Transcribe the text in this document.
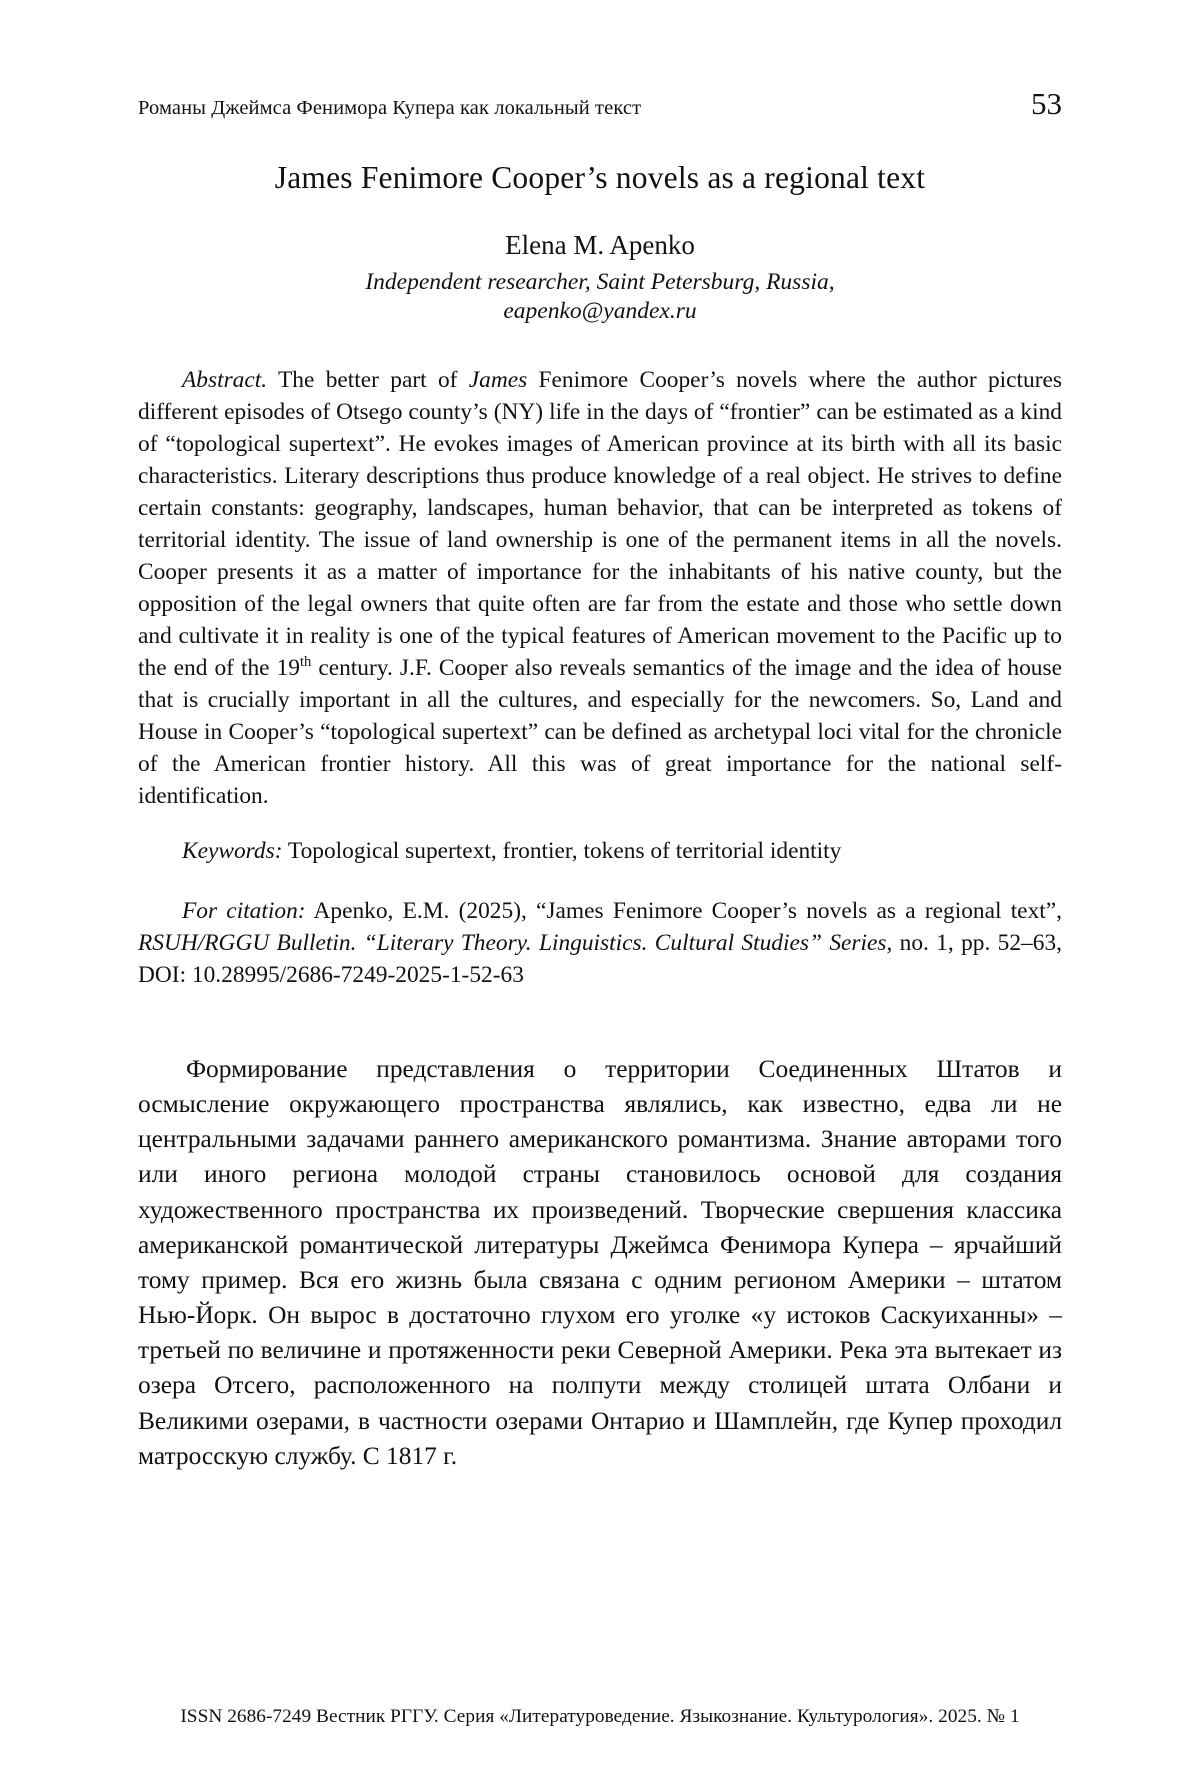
Романы Джеймса Фенимора Купера как локальный текст	53
James Fenimore Cooper’s novels as a regional text
Elena M. Apenko
Independent researcher, Saint Petersburg, Russia,
eapenko@yandex.ru

Abstract. The better part of James Fenimore Cooper’s novels where the author pictures different episodes of Otsego county’s (NY) life in the days of “frontier” can be estimated as a kind of “topological supertext”. He evokes images of American province at its birth with all its basic characteristics. Literary descriptions thus produce knowledge of a real object. He strives to define certain constants: geography, landscapes, human behavior, that can be interpreted as tokens of territorial identity. The issue of land ownership is one of the permanent items in all the novels. Cooper presents it as a matter of importance for the inhabitants of his native county, but the opposition of the legal owners that quite often are far from the estate and those who settle down and cultivate it in reality is one of the typical features of American movement to the Pacific up to the end of the 19th century. J.F. Cooper also reveals semantics of the image and the idea of house that is crucially important in all the cultures, and especially for the newcomers. So, Land and House in Cooper’s “topological supertext” can be defined as archetypal loci vital for the chronicle of the American frontier history. All this was of great importance for the national self-identification.

Keywords: Topological supertext, frontier, tokens of territorial identity

For citation: Apenko, E.M. (2025), “James Fenimore Cooper’s novels as a regional text”, RSUH/RGGU Bulletin. “Literary Theory. Linguistics. Cultural Studies” Series, no. 1, pp. 52–63, DOI: 10.28995/2686-7249-2025-1-52-63

Формирование представления о территории Соединенных Штатов и осмысление окружающего пространства являлись, как известно, едва ли не центральными задачами раннего американского романтизма. Знание авторами того или иного региона молодой страны становилось основой для создания художественного пространства их произведений. Творческие свершения классика американской романтической литературы Джеймса Фенимора Купера – ярчайший тому пример. Вся его жизнь была связана с одним регионом Америки – штатом Нью-Йорк. Он вырос в достаточно глухом его уголке «у истоков Саскуиханны» – третьей по величине и протяженности реки Северной Америки. Река эта вытекает из озера Отсего, расположенного на полпути между столицей штата Олбани и Великими озерами, в частности озерами Онтарио и Шамплейн, где Купер проходил матросскую службу. С 1817 г.

ISSN 2686-7249 Вестник РГГУ. Серия «Литературоведение. Языкознание. Культурология». 2025. № 1
